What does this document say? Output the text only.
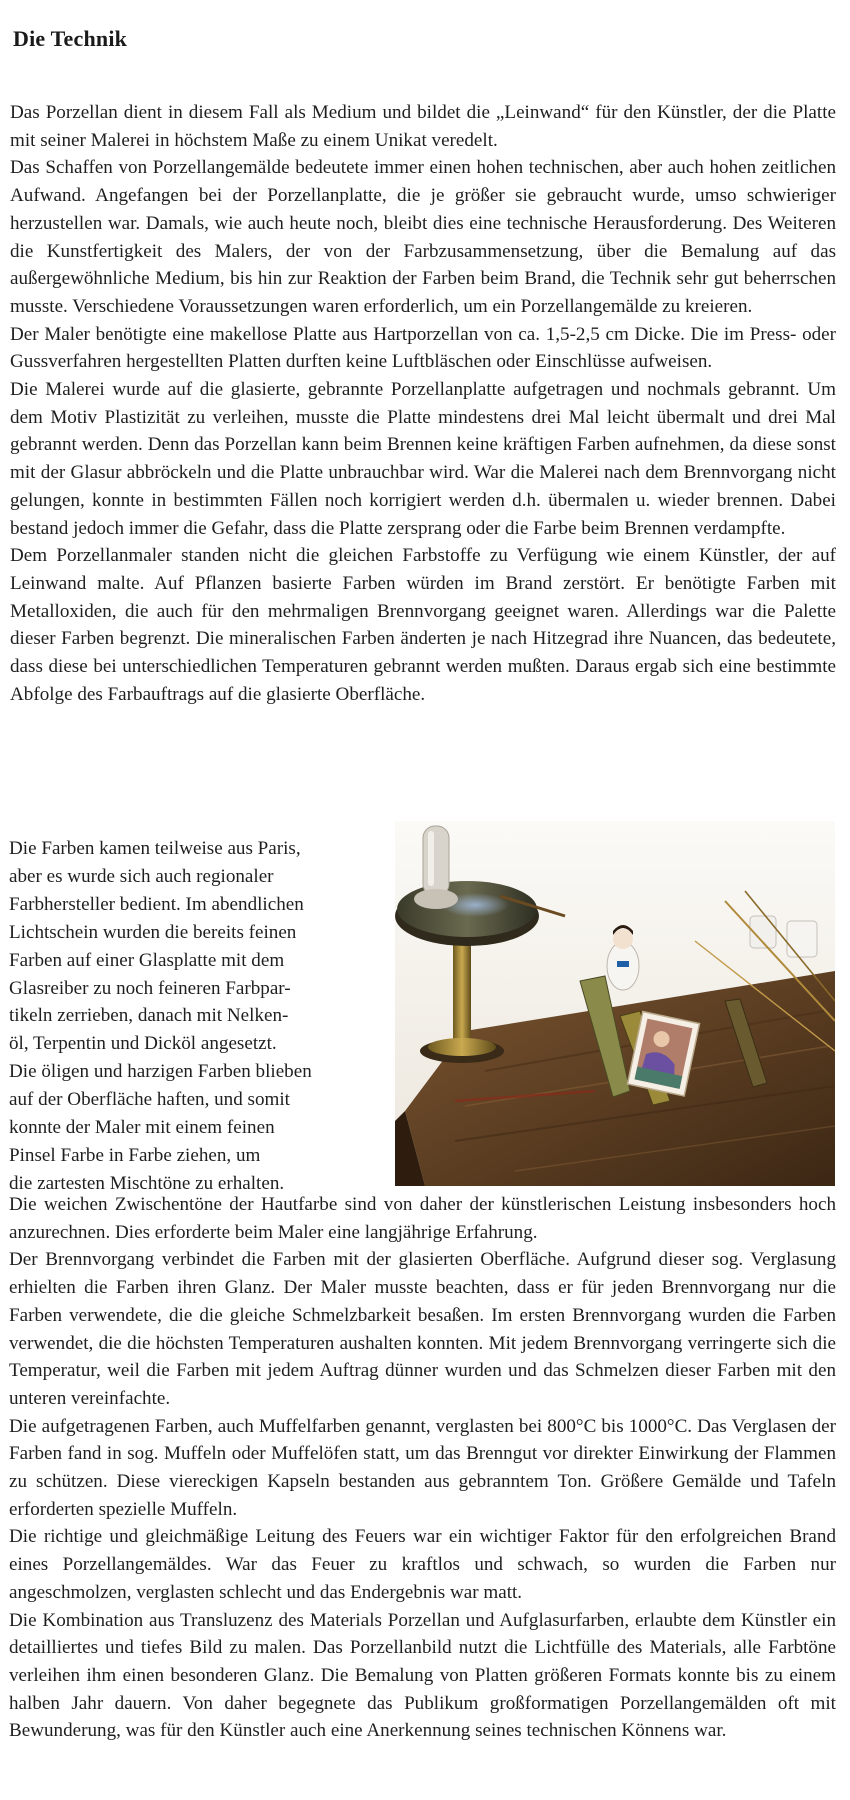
Die Technik

Das Porzellan dient in diesem Fall als Medium und bildet die „Leinwand“ für den Künstler, der die Platte mit seiner Malerei in höchstem Maße zu einem Unikat veredelt.

Das Schaffen von Porzellangemälde bedeutete immer einen hohen technischen, aber auch hohen zeitlichen Aufwand. Angefangen bei der Porzellanplatte, die je größer sie gebraucht wurde, umso schwieriger herzustellen war. Damals, wie auch heute noch, bleibt dies eine technische Herausforderung. Des Weiteren die Kunstfertigkeit des Malers, der von der Farbzusammensetzung, über die Bemalung auf das außergewöhnliche Medium, bis hin zur Reaktion der Farben beim Brand, die Technik sehr gut beherrschen musste. Verschiedene Voraussetzungen waren erforderlich, um ein Porzellangemälde zu kreieren.

Der Maler benötigte eine makellose Platte aus Hartporzellan von ca. 1,5-2,5 cm Dicke. Die im Press- oder Gussverfahren hergestellten Platten durften keine Luftbläschen oder Einschlüsse aufweisen.

Die Malerei wurde auf die glasierte, gebrannte Porzellanplatte aufgetragen und nochmals gebrannt. Um dem Motiv Plastizität zu verleihen, musste die Platte mindestens drei Mal leicht übermalt und drei Mal gebrannt werden. Denn das Porzellan kann beim Brennen keine kräftigen Farben aufnehmen, da diese sonst mit der Glasur abbröckeln und die Platte unbrauchbar wird. War die Malerei nach dem Brennvorgang nicht gelungen, konnte in bestimmten Fällen noch korrigiert werden d.h. übermalen u. wieder brennen. Dabei bestand jedoch immer die Gefahr, dass die Platte zersprang oder die Farbe beim Brennen verdampfte.

Dem Porzellanmaler standen nicht die gleichen Farbstoffe zu Verfügung wie einem Künstler, der auf Leinwand malte. Auf Pflanzen basierte Farben würden im Brand zerstört. Er benötigte Farben mit Metalloxiden, die auch für den mehrmaligen Brennvorgang geeignet waren. Allerdings war die Palette dieser Farben begrenzt. Die mineralischen Farben änderten je nach Hitzegrad ihre Nuancen, das bedeutete, dass diese bei unterschiedlichen Temperaturen gebrannt werden mußten. Daraus ergab sich eine bestimmte Abfolge des Farbauftrags auf die glasierte Oberfläche.

Die Farben kamen teilweise aus Paris,
aber es wurde sich auch regionaler
Farbhersteller bedient. Im abendlichen
Lichtschein wurden die bereits feinen
Farben auf einer Glasplatte mit dem
Glasreiber zu noch feineren Farbpar-
tikeln zerrieben, danach mit Nelken-
öl, Terpentin und Dicköl angesetzt.
Die öligen und harzigen Farben blieben
auf der Oberfläche haften, und somit
konnte der Maler mit einem feinen
Pinsel Farbe in Farbe ziehen, um
die zartesten Mischtöne zu erhalten.

Die weichen Zwischentöne der Hautfarbe sind von daher der künstlerischen Leistung insbesonders hoch anzurechnen. Dies erforderte beim Maler eine langjährige Erfahrung.

Der Brennvorgang verbindet die Farben mit der glasierten Oberfläche. Aufgrund dieser sog. Verglasung erhielten die Farben ihren Glanz. Der Maler musste beachten, dass er für jeden Brennvorgang nur die Farben verwendete, die die gleiche Schmelzbarkeit besaßen. Im ersten Brennvorgang wurden die Farben verwendet, die die höchsten Temperaturen aushalten konnten. Mit jedem Brennvorgang verringerte sich die Temperatur, weil die Farben mit jedem Auftrag dünner wurden und das Schmelzen dieser Farben mit den unteren vereinfachte.

Die aufgetragenen Farben, auch Muffelfarben genannt, verglasten bei 800°C bis 1000°C. Das Verglasen der Farben fand in sog. Muffeln oder Muffelöfen statt, um das Brenngut vor direkter Einwirkung der Flammen zu schützen. Diese viereckigen Kapseln bestanden aus gebranntem Ton. Größere Gemälde und Tafeln erforderten spezielle Muffeln.

Die richtige und gleichmäßige Leitung des Feuers war ein wichtiger Faktor für den erfolgreichen Brand eines Porzellangemäldes. War das Feuer zu kraftlos und schwach, so wurden die Farben nur angeschmolzen, verglasten schlecht und das Endergebnis war matt.

Die Kombination aus Transluzenz des Materials Porzellan und Aufglasurfarben, erlaubte dem Künstler ein detailliertes und tiefes Bild zu malen. Das Porzellanbild nutzt die Lichtfülle des Materials, alle Farbtöne verleihen ihm einen besonderen Glanz. Die Bemalung von Platten größeren Formats konnte bis zu einem halben Jahr dauern. Von daher begegnete das Publikum großformatigen Porzellangemälden oft mit Bewunderung, was für den Künstler auch eine Anerkennung seines technischen Könnens war.
